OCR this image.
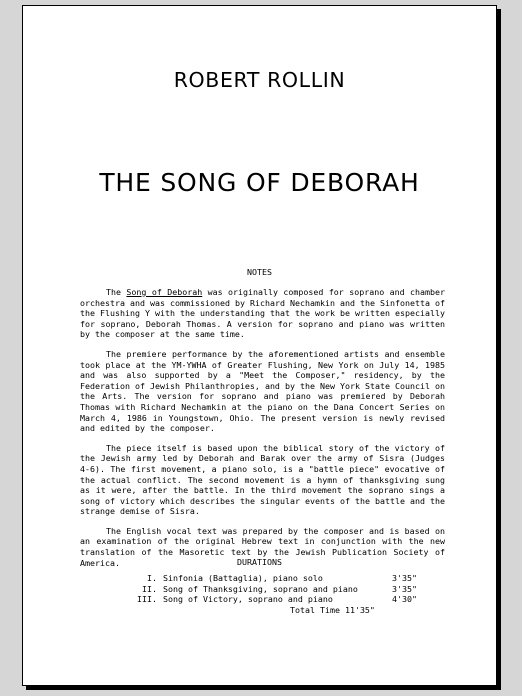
ROBERT ROLLIN
THE SONG OF DEBORAH
NOTES

The Song of Deborah was originally composed for soprano and chamber orchestra and was commissioned by Richard Nechamkin and the Sinfonetta of the Flushing Y with the understanding that the work be written especially for soprano, Deborah Thomas. A version for soprano and piano was written by the composer at the same time.

The premiere performance by the aforementioned artists and ensemble took place at the YM-YWHA of Greater Flushing, New York on July 14, 1985 and was also supported by a "Meet the Composer," residency, by the Federation of Jewish Philanthropies, and by the New York State Council on the Arts. The version for soprano and piano was premiered by Deborah Thomas with Richard Nechamkin at the piano on the Dana Concert Series on March 4, 1986 in Youngstown, Ohio. The present version is newly revised and edited by the composer.

The piece itself is based upon the biblical story of the victory of the Jewish army led by Deborah and Barak over the army of Sisra (Judges 4-6). The first movement, a piano solo, is a "battle piece" evocative of the actual conflict. The second movement is a hymn of thanksgiving sung as it were, after the battle. In the third movement the soprano sings a song of victory which describes the singular events of the battle and the strange demise of Sisra.

The English vocal text was prepared by the composer and is based on an examination of the original Hebrew text in conjunction with the new translation of the Masoretic text by the Jewish Publication Society of America.	DURATIONS
I.	Sinfonia (Battaglia), piano solo	3'35"
II.	Song of Thanksgiving, soprano and piano	3'35"
III.	Song of Victory, soprano and piano	4'30"
Total Time 11'35"
